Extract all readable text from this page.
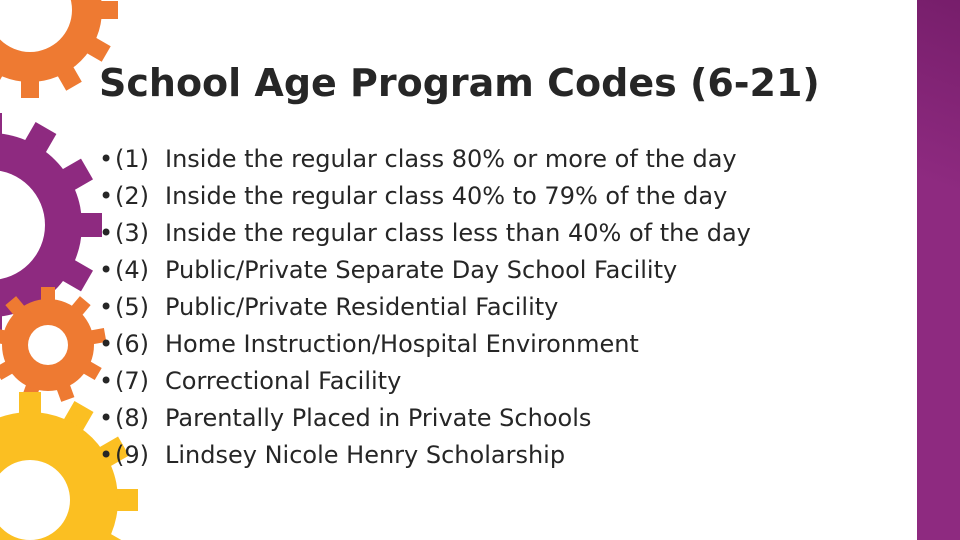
School Age Program Codes (6-21)
• (1) Inside the regular class 80% or more of the day
• (2) Inside the regular class 40% to 79% of the day
• (3) Inside the regular class less than 40% of the day
• (4) Public/Private Separate Day School Facility
• (5) Public/Private Residential Facility
• (6) Home Instruction/Hospital Environment
• (7) Correctional Facility
• (8) Parentally Placed in Private Schools
• (9) Lindsey Nicole Henry Scholarship
